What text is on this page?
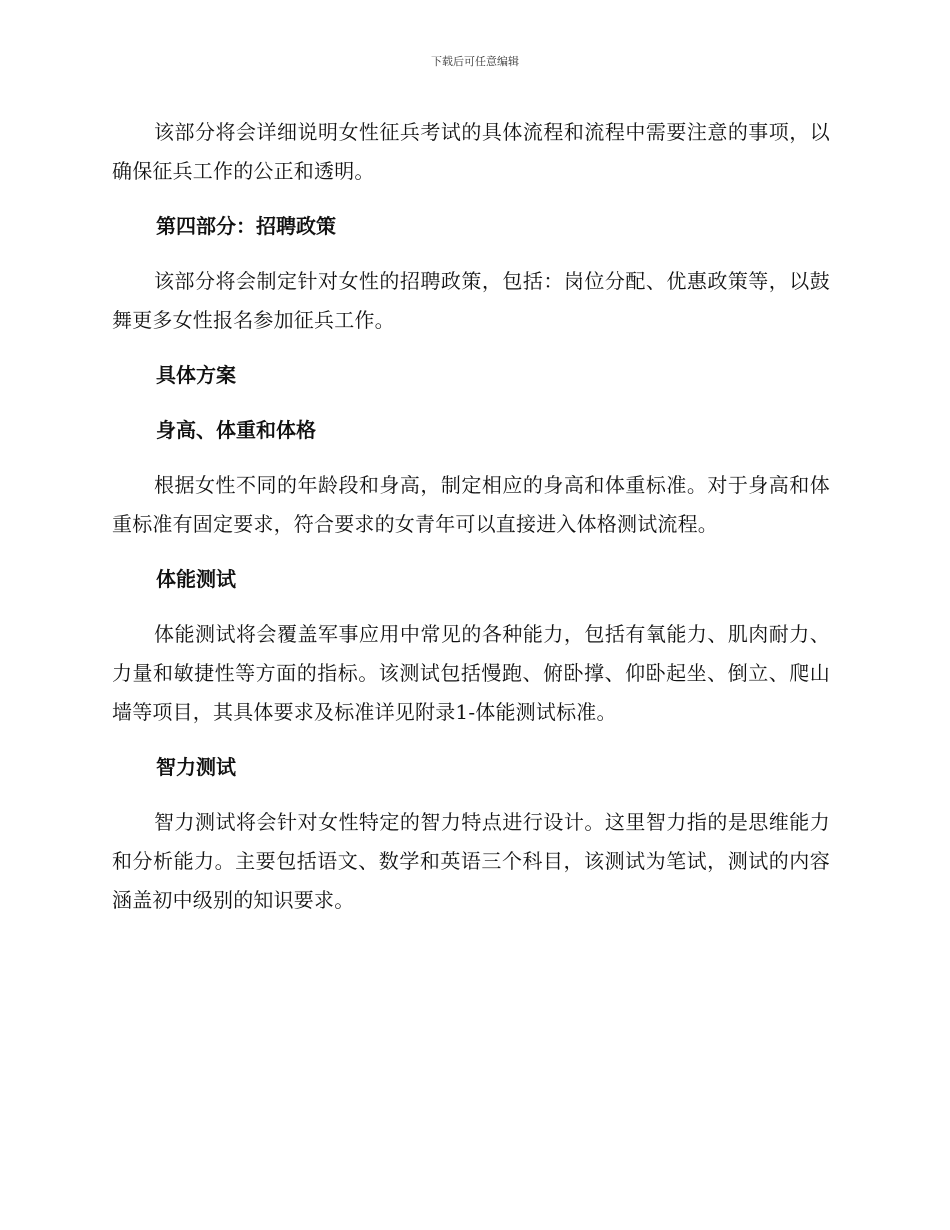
下载后可任意编辑

该部分将会详细说明女性征兵考试的具体流程和流程中需要注意的事项，以确保征兵工作的公正和透明。

第四部分：招聘政策

该部分将会制定针对女性的招聘政策，包括：岗位分配、优惠政策等，以鼓舞更多女性报名参加征兵工作。

具体方案

身高、体重和体格

根据女性不同的年龄段和身高，制定相应的身高和体重标准。对于身高和体重标准有固定要求，符合要求的女青年可以直接进入体格测试流程。

体能测试

体能测试将会覆盖军事应用中常见的各种能力，包括有氧能力、肌肉耐力、力量和敏捷性等方面的指标。该测试包括慢跑、俯卧撑、仰卧起坐、倒立、爬山墙等项目，其具体要求及标准详见附录1-体能测试标准。

智力测试

智力测试将会针对女性特定的智力特点进行设计。这里智力指的是思维能力和分析能力。主要包括语文、数学和英语三个科目，该测试为笔试，测试的内容涵盖初中级别的知识要求。
